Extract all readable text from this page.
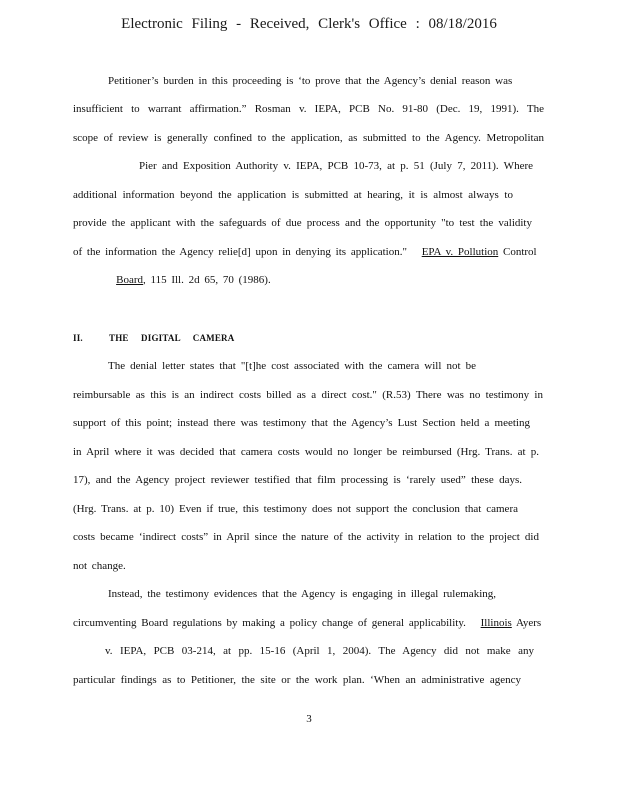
Electronic Filing - Received, Clerk's Office : 08/18/2016
Petitioner’s burden in this proceeding is ‘to prove that the Agency’s denial reason was
insufficient to warrant affirmation.” Rosman v. IEPA, PCB No. 91-80 (Dec. 19, 1991). The
scope of review is generally confined to the application, as submitted to the Agency. Metropolitan
Pier and Exposition Authority v. IEPA, PCB 10-73, at p. 51 (July 7, 2011). Where
additional information beyond the application is submitted at hearing, it is almost always to
provide the applicant with the safeguards of due process and the opportunity "to test the validity
of the information the Agency relie[d] upon in denying its application." EPA v. Pollution Control
Board, 115 Ill. 2d 65, 70 (1986).
II.	THE DIGITAL CAMERA
The denial letter states that "[t]he cost associated with the camera will not be
reimbursable as this is an indirect costs billed as a direct cost." (R.53) There was no testimony in
support of this point; instead there was testimony that the Agency’s Lust Section held a meeting
in April where it was decided that camera costs would no longer be reimbursed (Hrg. Trans. at p.
17), and the Agency project reviewer testified that film processing is ‘rarely used” these days.
(Hrg. Trans. at p. 10) Even if true, this testimony does not support the conclusion that camera
costs became ‘indirect costs” in April since the nature of the activity in relation to the project did
not change.
Instead, the testimony evidences that the Agency is engaging in illegal rulemaking,
circumventing Board regulations by making a policy change of general applicability. Illinois Ayers
v. IEPA, PCB 03-214, at pp. 15-16 (April 1, 2004). The Agency did not make any
particular findings as to Petitioner, the site or the work plan. ‘When an administrative agency
3
